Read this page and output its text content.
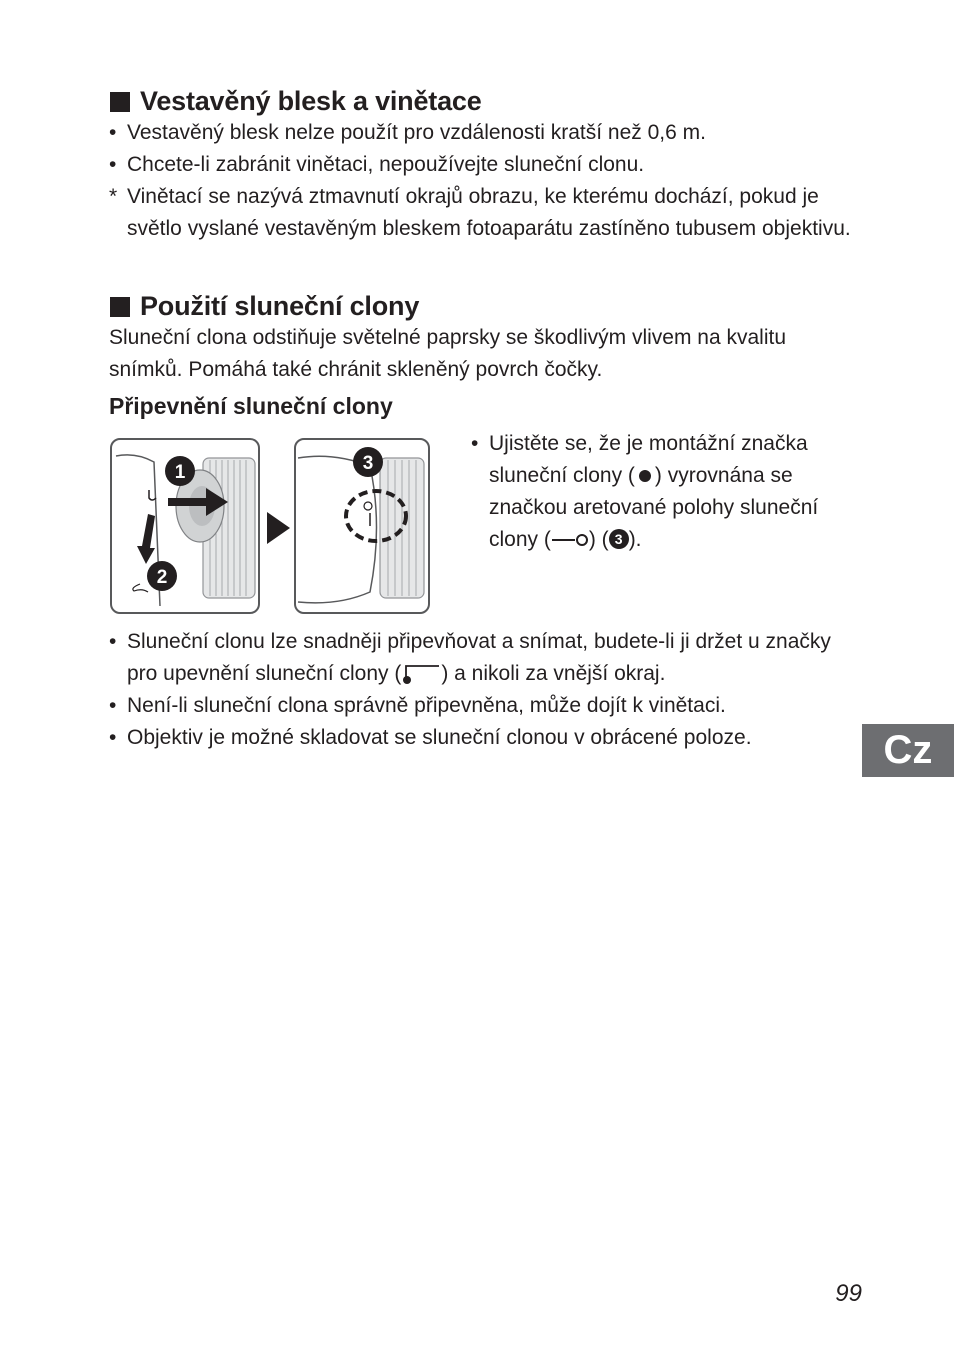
Vestavěný blesk a vinětace
• Vestavěný blesk nelze použít pro vzdálenosti kratší než 0,6 m.
• Chcete-li zabránit vinětaci, nepoužívejte sluneční clonu.
* Vinětací se nazývá ztmavnutí okrajů obrazu, ke kterému dochází, pokud je světlo vyslané vestavěným bleskem fotoaparátu zastíněno tubusem objektivu.
Použití sluneční clony
Sluneční clona odstiňuje světelné paprsky se škodlivým vlivem na kvalitu snímků. Pomáhá také chránit skleněný povrch čočky.
Připevnění sluneční clony
1
2
3
• Ujistěte se, že je montážní značka sluneční clony ( ) vyrovnána se značkou aretované polohy sluneční clony ( ) ( 3 ).
• Sluneční clonu lze snadněji připevňovat a snímat, budete-li ji držet u značky pro upevnění sluneční clony ( ) a nikoli za vnější okraj.
• Není-li sluneční clona správně připevněna, může dojít k vinětaci.
• Objektiv je možné skladovat se sluneční clonou v obrácené poloze.	Cz
99
